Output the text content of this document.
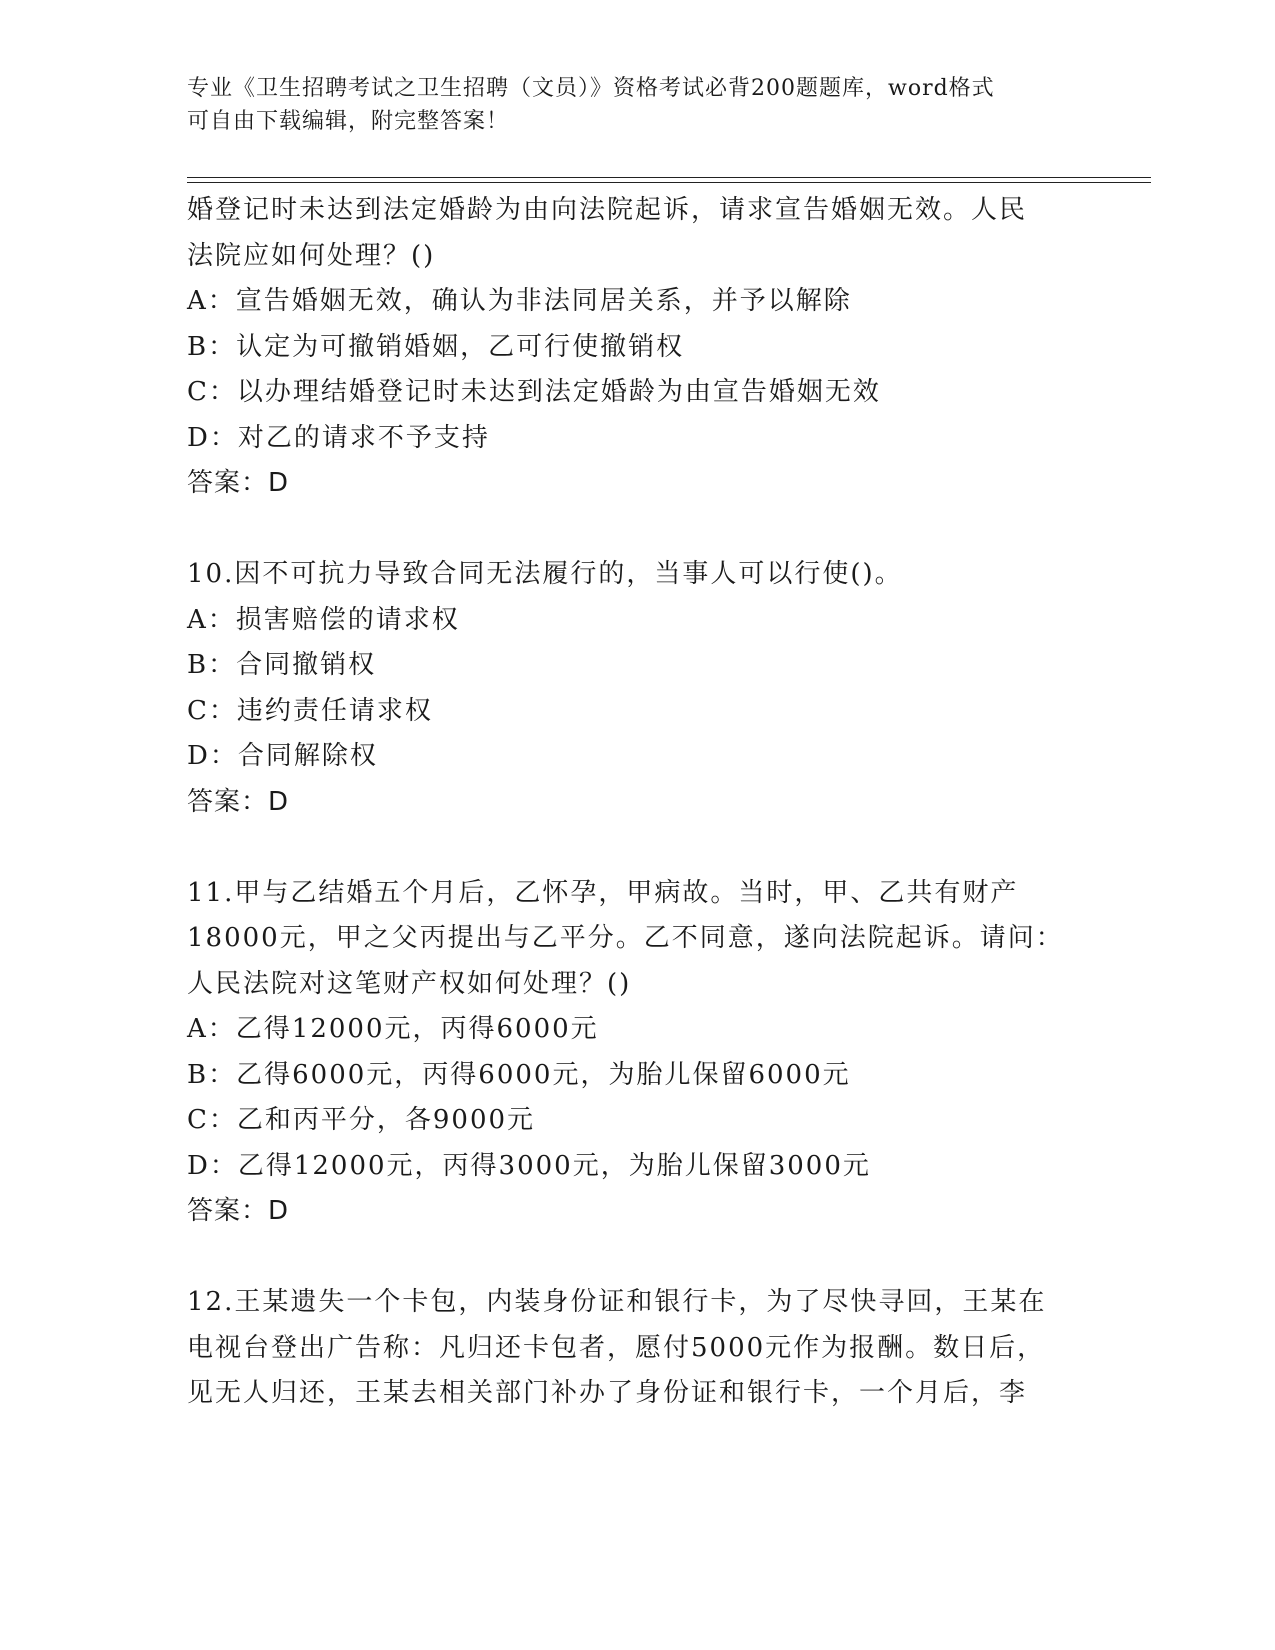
专业《卫生招聘考试之卫生招聘（文员）》资格考试必背200题题库，word格式
可自由下载编辑，附完整答案！
婚登记时未达到法定婚龄为由向法院起诉，请求宣告婚姻无效。人民
法院应如何处理？()
A：宣告婚姻无效，确认为非法同居关系，并予以解除
B：认定为可撤销婚姻，乙可行使撤销权
C：以办理结婚登记时未达到法定婚龄为由宣告婚姻无效
D：对乙的请求不予支持
答案：D
10.因不可抗力导致合同无法履行的，当事人可以行使()。
A：损害赔偿的请求权
B：合同撤销权
C：违约责任请求权
D：合同解除权
答案：D
11.甲与乙结婚五个月后，乙怀孕，甲病故。当时，甲、乙共有财产
18000元，甲之父丙提出与乙平分。乙不同意，遂向法院起诉。请问：
人民法院对这笔财产权如何处理？()
A：乙得12000元，丙得6000元
B：乙得6000元，丙得6000元，为胎儿保留6000元
C：乙和丙平分，各9000元
D：乙得12000元，丙得3000元，为胎儿保留3000元
答案：D
12.王某遗失一个卡包，内装身份证和银行卡，为了尽快寻回，王某在
电视台登出广告称：凡归还卡包者，愿付5000元作为报酬。数日后，
见无人归还，王某去相关部门补办了身份证和银行卡，一个月后，李
